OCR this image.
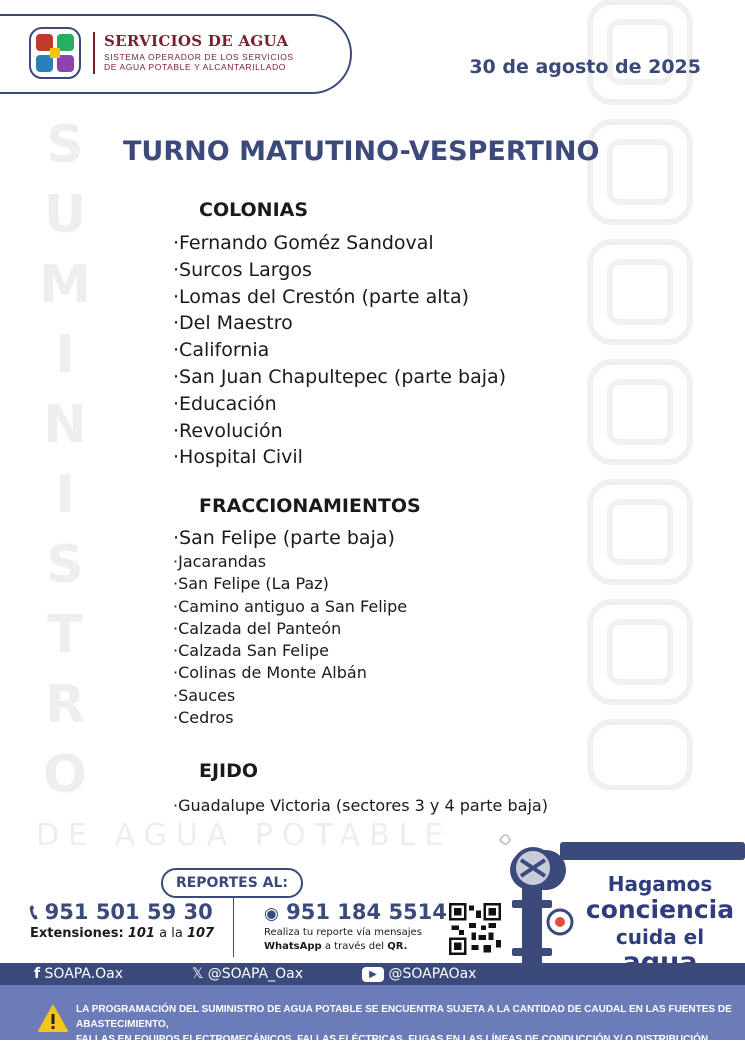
S
U
M
I
N
I
S
T
R
O
DE AGUA POTABLE
SERVICIOS DE AGUA
SISTEMA OPERADOR DE LOS SERVICIOS
DE AGUA POTABLE Y ALCANTARILLADO	30 de agosto de 2025
TURNO MATUTINO-VESPERTINO
COLONIAS
· Fernando Goméz Sandoval
· Surcos Largos
· Lomas del Crestón (parte alta)
· Del Maestro
· California
· San Juan Chapultepec (parte baja)
· Educación
· Revolución
· Hospital Civil
FRACCIONAMIENTOS
· San Felipe (parte baja)
· Jacarandas
· San Felipe (La Paz)
· Camino antiguo a San Felipe
· Calzada del Panteón
· Calzada San Felipe
· Colinas de Monte Albán
· Sauces
· Cedros
EJIDO
· Guadalupe Victoria (sectores 3 y 4 parte baja)
REPORTES AL:
📞︎ 951 501 59 30
Extensiones: 101 a la 107
◉ 951 184 5514
Realiza tu reporte vía mensajes
WhatsApp a través del QR.
Hagamos
conciencia
cuida el
f SOAPA.Oax	𝕏 @SOAPA_Oax	▶ @SOAPAOax
LA PROGRAMACIÓN DEL SUMINISTRO DE AGUA POTABLE SE ENCUENTRA SUJETA A LA CANTIDAD DE CAUDAL EN LAS FUENTES DE ABASTECIMIENTO,
FALLAS EN EQUIPOS ELECTROMECÁNICOS, FALLAS ELÉCTRICAS, FUGAS EN LAS LÍNEAS DE CONDUCCIÓN Y/ O DISTRIBUCIÓN.
